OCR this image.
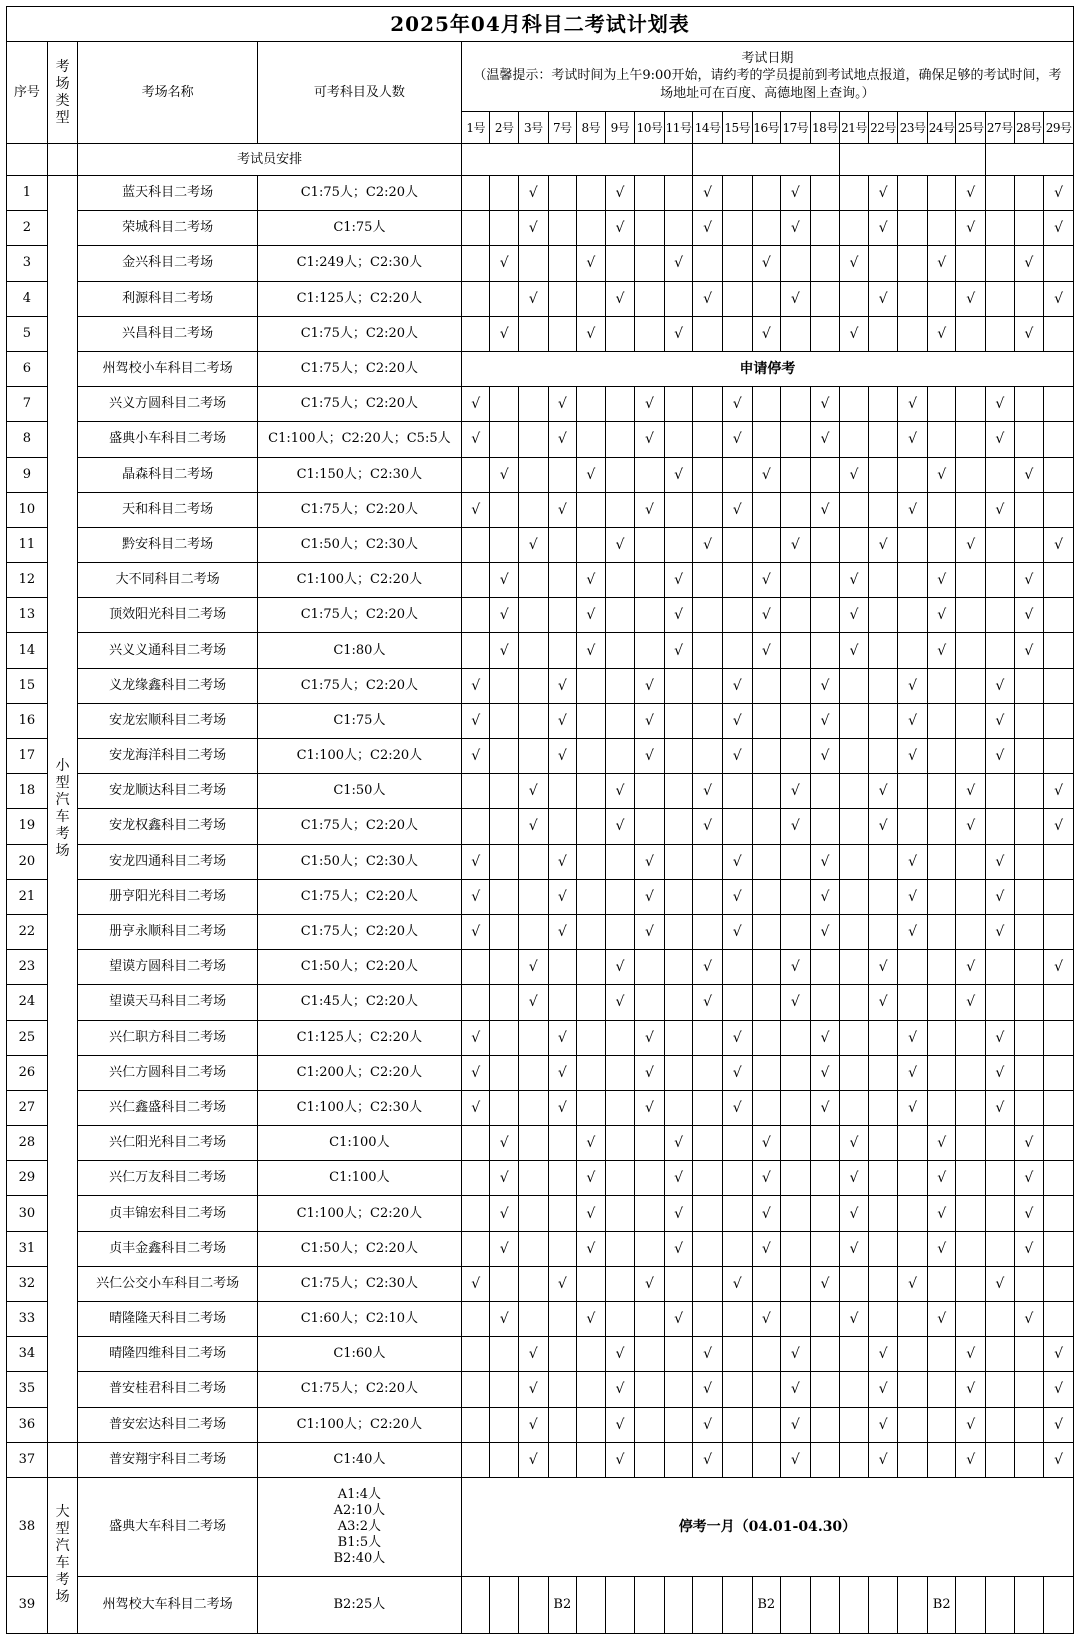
2025年04月科目二考试计划表																								
序号	考场类型	考场名称	可考科目及人数	考试日期
（温馨提示：考试时间为上午9:00开始，请约考的学员提前到考试地点报道，确保足够的考试时间，考场地址可在百度、高德地图上查询。）																				

				1号	2号	3号	7号	8号	9号	10号	11号	14号	15号	16号	17号	18号	21号	22号	23号	24号	25号	27号	28号	29号
		考试员安排																						
1	小型汽车考场	蓝天科目二考场	C1:75人；C2:20人			√			√			√			√			√			√			√
2		荣城科目二考场	C1:75人			√			√			√			√			√			√			√
3		金兴科目二考场	C1:249人；C2:30人		√			√			√			√			√			√			√	
4		利源科目二考场	C1:125人；C2:20人			√			√			√			√			√			√			√
5		兴昌科目二考场	C1:75人；C2:20人		√			√			√			√			√			√			√	
6		州驾校小车科目二考场	C1:75人；C2:20人	申请停考																				
7		兴义方圆科目二考场	C1:75人；C2:20人	√			√			√			√			√			√			√		
8		盛典小车科目二考场	C1:100人；C2:20人；C5:5人	√			√			√			√			√			√			√		
9		晶森科目二考场	C1:150人；C2:30人		√			√			√			√			√			√			√	
10		天和科目二考场	C1:75人；C2:20人	√			√			√			√			√			√			√		
11		黔安科目二考场	C1:50人；C2:30人			√			√			√			√			√			√			√
12		大不同科目二考场	C1:100人；C2:20人		√			√			√			√			√			√			√	
13		顶效阳光科目二考场	C1:75人；C2:20人		√			√			√			√			√			√			√	
14		兴义义通科目二考场	C1:80人		√			√			√			√			√			√			√	
15		义龙缘鑫科目二考场	C1:75人；C2:20人	√			√			√			√			√			√			√		
16		安龙宏顺科目二考场	C1:75人	√			√			√			√			√			√			√		
17		安龙海洋科目二考场	C1:100人；C2:20人	√			√			√			√			√			√			√		
18		安龙顺达科目二考场	C1:50人			√			√			√			√			√			√			√
19		安龙权鑫科目二考场	C1:75人；C2:20人			√			√			√			√			√			√			√
20		安龙四通科目二考场	C1:50人；C2:30人	√			√			√			√			√			√			√		
21		册亨阳光科目二考场	C1:75人；C2:20人	√			√			√			√			√			√			√		
22		册亨永顺科目二考场	C1:75人；C2:20人	√			√			√			√			√			√			√		
23		望谟方圆科目二考场	C1:50人；C2:20人			√			√			√			√			√			√			√
24		望谟天马科目二考场	C1:45人；C2:20人			√			√			√			√			√			√			
25		兴仁职方科目二考场	C1:125人；C2:20人	√			√			√			√			√			√			√		
26		兴仁方圆科目二考场	C1:200人；C2:20人	√			√			√			√			√			√			√		
27		兴仁鑫盛科目二考场	C1:100人；C2:30人	√			√			√			√			√			√			√		
28		兴仁阳光科目二考场	C1:100人		√			√			√			√			√			√			√	
29		兴仁万友科目二考场	C1:100人		√			√			√			√			√			√			√	
30		贞丰锦宏科目二考场	C1:100人；C2:20人		√			√			√			√			√			√			√	
31		贞丰金鑫科目二考场	C1:50人；C2:20人		√			√			√			√			√			√			√	
32		兴仁公交小车科目二考场	C1:75人；C2:30人	√			√			√			√			√			√			√		
33		晴隆隆天科目二考场	C1:60人；C2:10人		√			√			√			√			√			√			√	
34		晴隆四维科目二考场	C1:60人			√			√			√			√			√			√			√
35		普安桂君科目二考场	C1:75人；C2:20人			√			√			√			√			√			√			√
36		普安宏达科目二考场	C1:100人；C2:20人			√			√			√			√			√			√			√
37		普安翔宇科目二考场	C1:40人			√			√			√			√			√			√			√
38	大型汽车考场	盛典大车科目二考场	A1:4人
A2:10人
A3:2人
B1:5人
B2:40人	停考一月（04.01-04.30）																				
39		州驾校大车科目二考场	B2:25人				B2							B2						B2				
